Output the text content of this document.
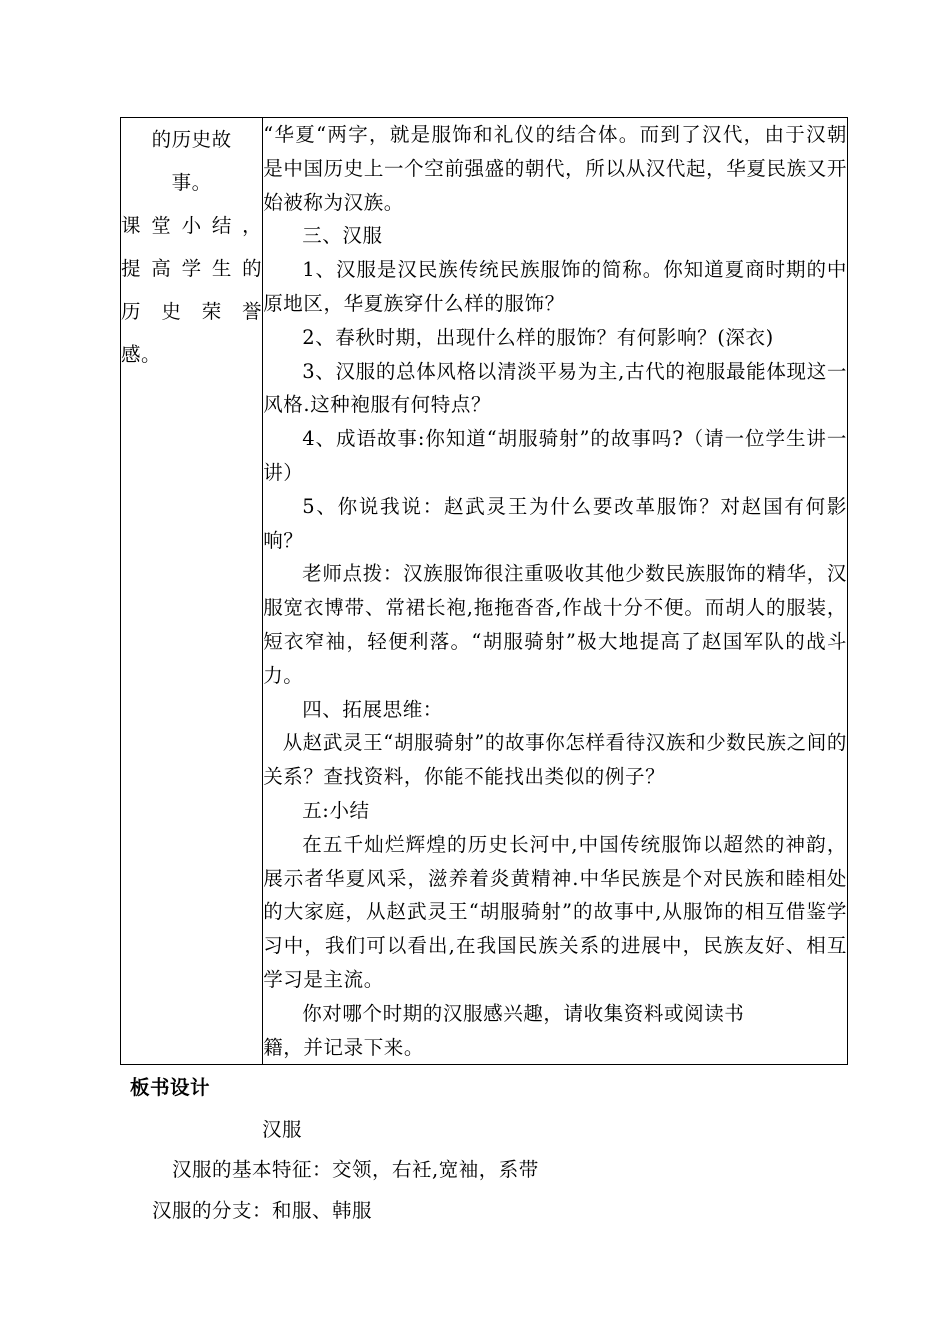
的历史故
事。
课堂小结，
提高学生的
历史荣誉
感。

“华夏“两字，就是服饰和礼仪的结合体。而到了汉代，由于汉朝是中国历史上一个空前强盛的朝代，所以从汉代起，华夏民族又开始被称为汉族。

三、汉服

1、汉服是汉民族传统民族服饰的简称。你知道夏商时期的中原地区，华夏族穿什么样的服饰？

2、春秋时期，出现什么样的服饰？有何影响？(深衣)

3、汉服的总体风格以清淡平易为主,古代的袍服最能体现这一风格.这种袍服有何特点？

4、成语故事:你知道“胡服骑射”的故事吗?（请一位学生讲一讲）

5、你说我说：赵武灵王为什么要改革服饰？对赵国有何影响？

老师点拨：汉族服饰很注重吸收其他少数民族服饰的精华，汉服宽衣博带、常裙长袍,拖拖沓沓,作战十分不便。而胡人的服装，短衣窄袖，轻便利落。“胡服骑射”极大地提高了赵国军队的战斗力。

四、拓展思维：

从赵武灵王“胡服骑射”的故事你怎样看待汉族和少数民族之间的关系？查找资料，你能不能找出类似的例子？

五:小结

在五千灿烂辉煌的历史长河中,中国传统服饰以超然的神韵，展示者华夏风采，滋养着炎黄精神.中华民族是个对民族和睦相处的大家庭，从赵武灵王“胡服骑射”的故事中,从服饰的相互借鉴学习中，我们可以看出,在我国民族关系的进展中，民族友好、相互学习是主流。

你对哪个时期的汉服感兴趣，请收集资料或阅读书

籍，并记录下来。

板书设计

汉服

汉服的基本特征：交领，右衽,宽袖，系带

汉服的分支：和服、韩服
